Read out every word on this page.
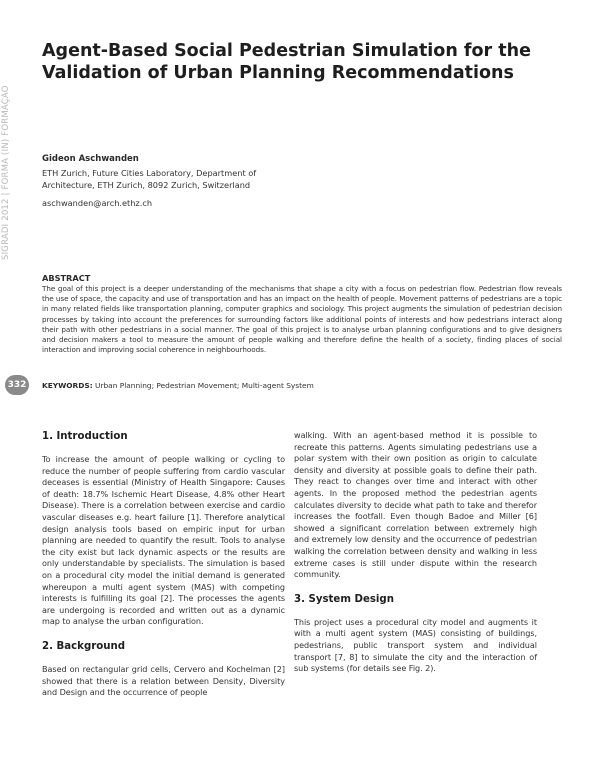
SIGRADI 2012 | FORMA (IN) FORMAÇÃO
332
Agent-Based Social Pedestrian Simulation for the Validation of Urban Planning Recommendations
Gideon Aschwanden
ETH Zurich, Future Cities Laboratory, Department of
Architecture, ETH Zurich, 8092 Zurich, Switzerland
aschwanden@arch.ethz.ch
ABSTRACT

The goal of this project is a deeper understanding of the mechanisms that shape a city with a focus on pedestrian flow. Pedestrian flow reveals the use of space, the capacity and use of transportation and has an impact on the health of people. Movement patterns of pedestrians are a topic in many related fields like transportation planning, computer graphics and sociology. This project augments the simulation of pedestrian decision processes by taking into account the preferences for surrounding factors like additional points of interests and how pedestrians interact along their path with other pedestrians in a social manner. The goal of this project is to analyse urban planning configurations and to give designers and decision makers a tool to measure the amount of people walking and therefore define the health of a society, finding places of social interaction and improving social coherence in neighbourhoods.

KEYWORDS: Urban Planning; Pedestrian Movement; Multi-agent System
1. Introduction

To increase the amount of people walking or cycling to reduce the number of people suffering from cardio vascular deceases is essential (Ministry of Health Singapore: Causes of death: 18.7% Ischemic Heart Disease, 4.8% other Heart Disease). There is a correlation between exercise and cardio vascular diseases e.g. heart failure [1]. Therefore analytical design analysis tools based on empiric input for urban planning are needed to quantify the result. Tools to analyse the city exist but lack dynamic aspects or the results are only understandable by specialists. The simulation is based on a procedural city model the initial demand is generated whereupon a multi agent system (MAS) with competing interests is fulfilling its goal [2]. The processes the agents are undergoing is recorded and written out as a dynamic map to analyse the urban configuration.

2. Background

Based on rectangular grid cells, Cervero and Kochelman [2] showed that there is a relation between Density, Diversity and Design and the occurrence of people

walking. With an agent-based method it is possible to recreate this patterns. Agents simulating pedestrians use a polar system with their own position as origin to calculate density and diversity at possible goals to define their path. They react to changes over time and interact with other agents. In the proposed method the pedestrian agents calculates diversity to decide what path to take and therefor increases the footfall. Even though Badoe and Miller [6] showed a significant correlation between extremely high and extremely low density and the occurrence of pedestrian walking the correlation between density and walking in less extreme cases is still under dispute within the research community.

3. System Design

This project uses a procedural city model and augments it with a multi agent system (MAS) consisting of buildings, pedestrians, public transport system and individual transport [7, 8] to simulate the city and the interaction of sub systems (for details see Fig. 2).
